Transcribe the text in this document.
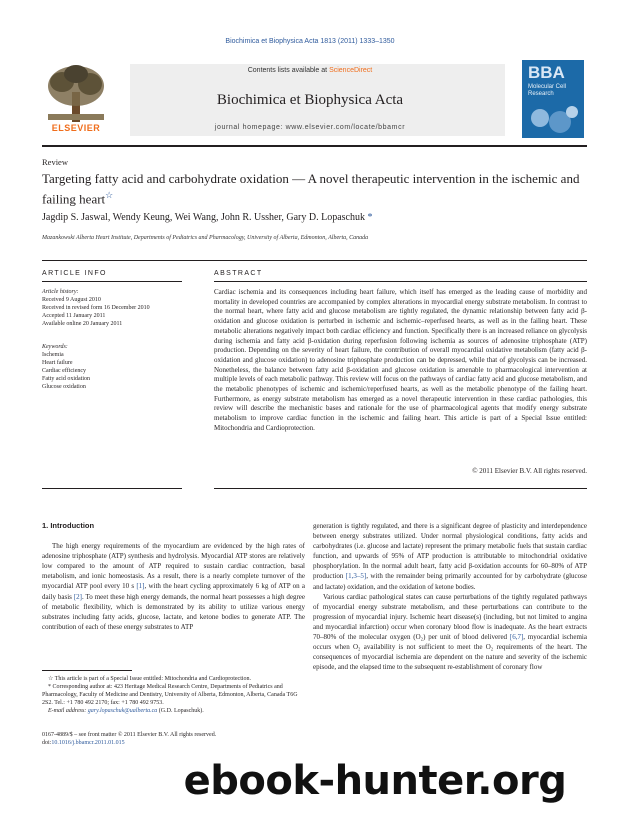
Biochimica et Biophysica Acta 1813 (2011) 1333–1350
Contents lists available at ScienceDirect
Biochimica et Biophysica Acta
journal homepage: www.elsevier.com/locate/bbamcr
ELSEVIER
BBA
Molecular Cell Research
Review
Targeting fatty acid and carbohydrate oxidation — A novel therapeutic intervention in the ischemic and failing heart☆
Jagdip S. Jaswal, Wendy Keung, Wei Wang, John R. Ussher, Gary D. Lopaschuk *
Mazankowski Alberta Heart Institute, Departments of Pediatrics and Pharmacology, University of Alberta, Edmonton, Alberta, Canada
ARTICLE INFO	ABSTRACT
Article history:
Received 9 August 2010
Received in revised form 16 December 2010
Accepted 11 January 2011
Available online 20 January 2011
Keywords:
Ischemia
Heart failure
Cardiac efficiency
Fatty acid oxidation
Glucose oxidation
Cardiac ischemia and its consequences including heart failure, which itself has emerged as the leading cause of morbidity and mortality in developed countries are accompanied by complex alterations in myocardial energy substrate metabolism. In contrast to the normal heart, where fatty acid and glucose metabolism are tightly regulated, the dynamic relationship between fatty acid β-oxidation and glucose oxidation is perturbed in ischemic and ischemic–reperfused hearts, as well as in the failing heart. These metabolic alterations negatively impact both cardiac efficiency and function. Specifically there is an increased reliance on glycolysis during ischemia and fatty acid β-oxidation during reperfusion following ischemia as sources of adenosine triphosphate (ATP) production. Depending on the severity of heart failure, the contribution of overall myocardial oxidative metabolism (fatty acid β-oxidation and glucose oxidation) to adenosine triphosphate production can be depressed, while that of glycolysis can be increased. Nonetheless, the balance between fatty acid β-oxidation and glucose oxidation is amenable to pharmacological intervention at multiple levels of each metabolic pathway. This review will focus on the pathways of cardiac fatty acid and glucose metabolism, and the metabolic phenotypes of ischemic and ischemic/reperfused hearts, as well as the metabolic phenotype of the failing heart. Furthermore, as energy substrate metabolism has emerged as a novel therapeutic intervention in these cardiac pathologies, this review will describe the mechanistic bases and rationale for the use of pharmacological agents that modify energy substrate metabolism to improve cardiac function in the ischemic and failing heart. This article is part of a Special Issue entitled: Mitochondria and Cardioprotection.
© 2011 Elsevier B.V. All rights reserved.
1. Introduction

The high energy requirements of the myocardium are evidenced by the high rates of adenosine triphosphate (ATP) synthesis and hydrolysis. Myocardial ATP stores are relatively low compared to the amount of ATP required to sustain cardiac contraction, basal metabolism, and ionic homeostasis. As a result, there is a nearly complete turnover of the myocardial ATP pool every 10 s [1], with the heart cycling approximately 6 kg of ATP on a daily basis [2]. To meet these high energy demands, the normal heart possesses a high degree of metabolic flexibility, which is demonstrated by its ability to utilize various energy substrates including fatty acids, glucose, lactate, and ketone bodies to generate ATP. The contribution of each of these energy substrates to ATP

generation is tightly regulated, and there is a significant degree of plasticity and interdependence between energy substrates utilized. Under normal physiological conditions, fatty acids and carbohydrates (i.e. glucose and lactate) represent the primary metabolic fuels that sustain cardiac function, and upwards of 95% of ATP production is attributable to mitochondrial oxidative phosphorylation. In the normal adult heart, fatty acid β-oxidation accounts for 60–80% of ATP production [1,3–5], with the remainder being primarily accounted for by carbohydrate (glucose and lactate) oxidation, and the oxidation of ketone bodies.

Various cardiac pathological states can cause perturbations of the tightly regulated pathways of myocardial energy substrate metabolism, and these perturbations can contribute to the progression of myocardial injury. Ischemic heart disease(s) (including, but not limited to angina and myocardial infarction) occur when coronary blood flow is inadequate. As the heart extracts 70–80% of the molecular oxygen (O₂) per unit of blood delivered [6,7], myocardial ischemia occurs when O₂ availability is not sufficient to meet the O₂ requirements of the heart. The consequences of myocardial ischemia are dependent on the nature and severity of the ischemic episode, and the elapsed time to the subsequent re-establishment of coronary flow

☆ This article is part of a Special Issue entitled: Mitochondria and Cardioprotection.
* Corresponding author at: 423 Heritage Medical Research Centre, Departments of Pediatrics and Pharmacology, Faculty of Medicine and Dentistry, University of Alberta, Edmonton, Alberta, Canada T6G 2S2. Tel.: +1 780 492 2170; fax: +1 780 492 9753.
E-mail address: gary.lopaschuk@ualberta.ca (G.D. Lopaschuk).
0167-4889/$ – see front matter © 2011 Elsevier B.V. All rights reserved.
doi:10.1016/j.bbamcr.2011.01.015
ebook-hunter.org
